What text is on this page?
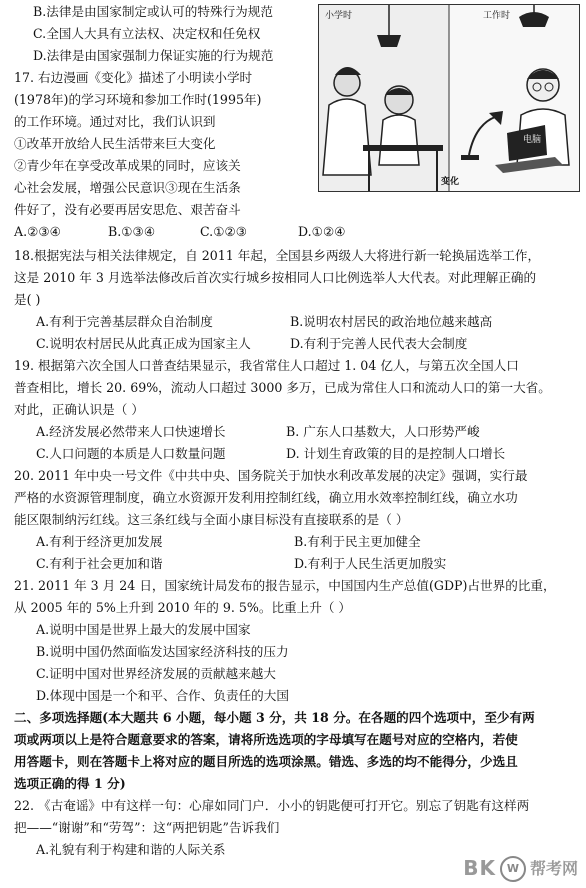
B.法律是由国家制定或认可的特殊行为规范
C.全国人大具有立法权、决定权和任免权
D.法律是由国家强制力保证实施的行为规范
17. 右边漫画《变化》描述了小明读小学时
(1978年)的学习环境和参加工作时(1995年)
的工作环境。通过对比，我们认识到
①改革开放给人民生活带来巨大变化
②青少年在享受改革成果的同时，应该关
心社会发展，增强公民意识③现在生活条
件好了，没有必要再居安思危、艰苦奋斗
A.②③④	B.①③④	C.①②③	D.①②④
小学时	工作时
电脑
变化
18.根据宪法与相关法律规定，自 2011 年起，全国县乡两级人大将进行新一轮换届选举工作，
这是 2010 年 3 月选举法修改后首次实行城乡按相同人口比例选举人大代表。对此理解正确的
是( )
A.有利于完善基层群众自治制度	B.说明农村居民的政治地位越来越高
C.说明农村居民从此真正成为国家主人	D.有利于完善人民代表大会制度
19. 根据第六次全国人口普查结果显示，我省常住人口超过 1. 04 亿人，与第五次全国人口
普查相比，增长 20. 69%，流动人口超过 3000 多万，已成为常住人口和流动人口的第一大省。
对此，正确认识是（ ）
A.经济发展必然带来人口快速增长	B. 广东人口基数大，人口形势严峻
C.人口问题的本质是人口数量问题	D. 计划生育政策的目的是控制人口增长
20. 2011 年中央一号文件《中共中央、国务院关于加快水利改革发展的决定》强调，实行最
严格的水资源管理制度，确立水资源开发利用控制红线，确立用水效率控制红线，确立水功
能区限制纳污红线。这三条红线与全面小康目标没有直接联系的是（ ）
A.有利于经济更加发展	B.有利于民主更加健全
C.有利于社会更加和谐	D.有利于人民生活更加殷实
21. 2011 年 3 月 24 日，国家统计局发布的报告显示，中国国内生产总值(GDP)占世界的比重，
从 2005 年的 5%上升到 2010 年的 9. 5%。比重上升（ ）
A.说明中国是世界上最大的发展中国家
B.说明中国仍然面临发达国家经济科技的压力
C.证明中国对世界经济发展的贡献越来越大
D.体现中国是一个和平、合作、负责任的大国
二、多项选择题(本大题共 6 小题，每小题 3 分，共 18 分。在各题的四个选项中，至少有两
项或两项以上是符合题意要求的答案，请将所选选项的字母填写在题号对应的空格内，若使
用答题卡，则在答题卡上将对应的题目所选的选项涂黑。错选、多选的均不能得分，少选且
选项正确的得 1 分)
22. 《古奄谣》中有这样一句：心扉如同门户．小小的钥匙便可打开它。别忘了钥匙有这样两
把——“谢谢”和“劳驾”：这“两把钥匙”告诉我们
A.礼貌有利于构建和谐的人际关系
BK W 帮考网
